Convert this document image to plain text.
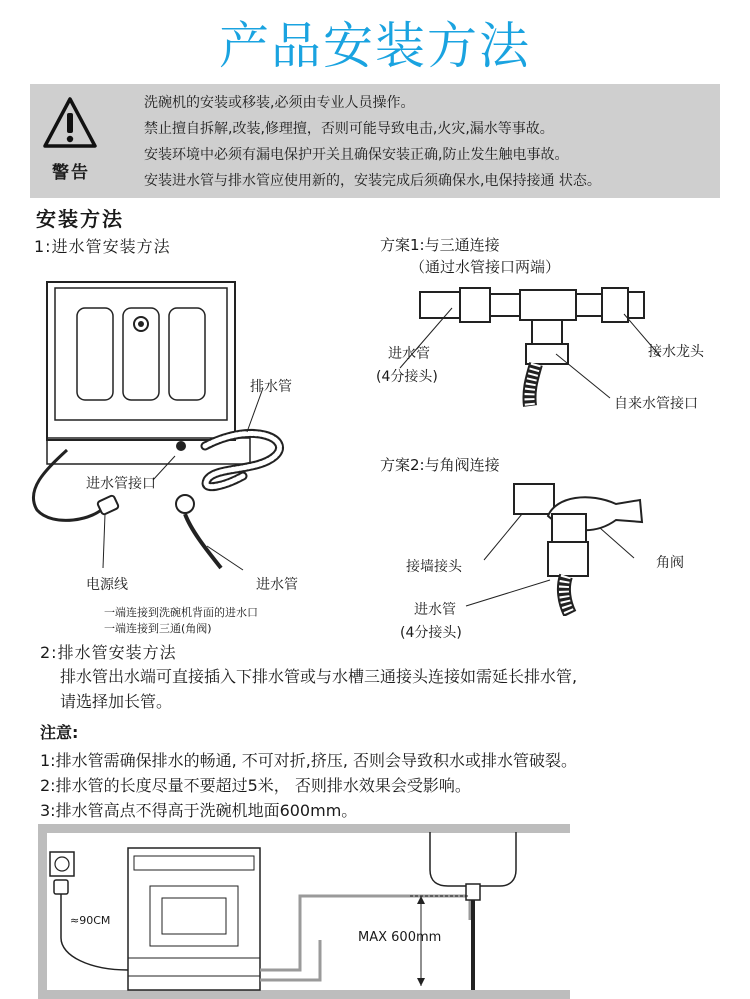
产品安装方法
警告
洗碗机的安装或移装,必须由专业人员操作。
禁止擅自拆解,改装,修理擅，否则可能导致电击,火灾,漏水等事故。
安装环境中必须有漏电保护开关且确保安装正确,防止发生触电事故。
安装进水管与排水管应使用新的，安装完成后须确保水,电保持接通 状态。
安装方法
1:进水管安装方法
排水管
进水管接口
电源线	进水管
一端连接到洗碗机背面的进水口
一端连接到三通(角阀)
方案1:与三通连接
（通过水管接口两端）
进水管
(4分接头)
接水龙头
自来水管接口
方案2:与角阀连接
接墙接头	角阀
进水管
(4分接头)
2:排水管安装方法
排水管出水端可直接插入下排水管或与水槽三通接头连接如需延长排水管,
请选择加长管。
注意:
1:排水管需确保排水的畅通, 不可对折,挤压, 否则会导致积水或排水管破裂。
2:排水管的长度尽量不要超过5米， 否则排水效果会受影响。
3:排水管高点不得高于洗碗机地面600mm。
≈90CM
MAX 600mm
